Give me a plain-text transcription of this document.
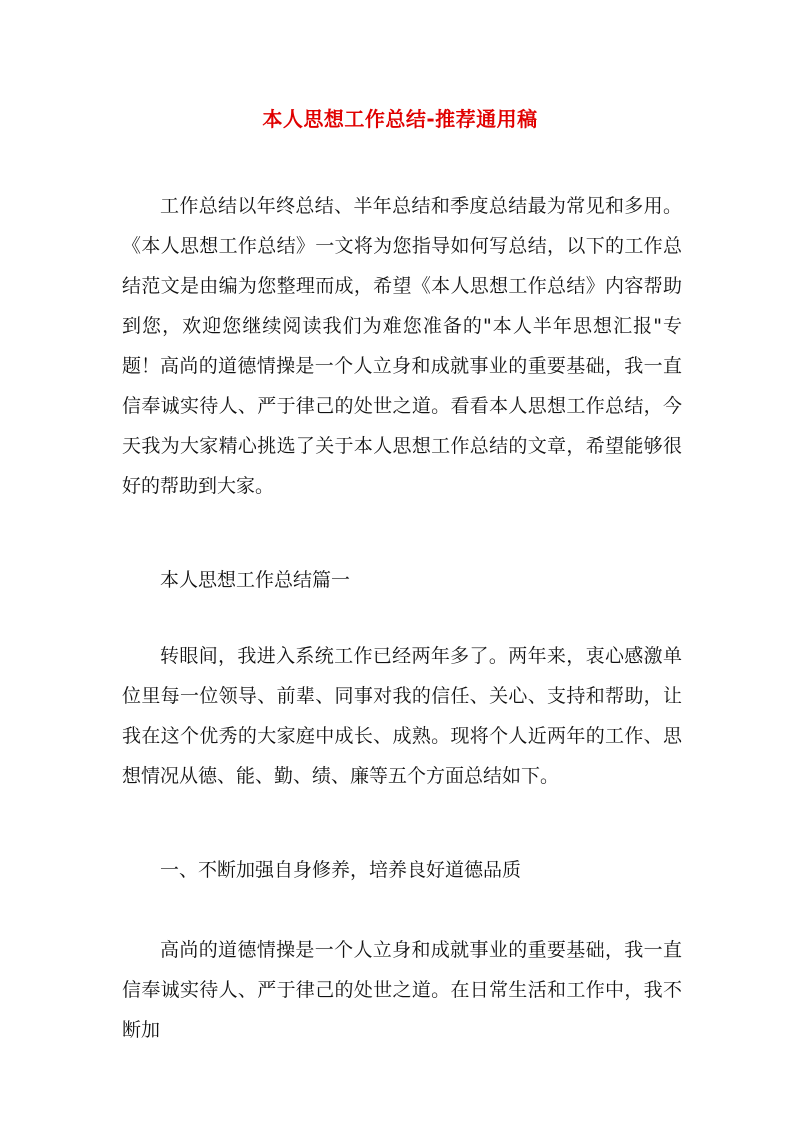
本人思想工作总结-推荐通用稿

工作总结以年终总结、半年总结和季度总结最为常见和多用。《本人思想工作总结》一文将为您指导如何写总结，以下的工作总结范文是由编为您整理而成，希望《本人思想工作总结》内容帮助到您，欢迎您继续阅读我们为难您准备的"本人半年思想汇报"专题！ 高尚的道德情操是一个人立身和成就事业的重要基础，我一直信奉诚实待人、严于律己的处世之道。看看本人思想工作总结，今天我为大家精心挑选了关于本人思想工作总结的文章，希望能够很好的帮助到大家。

本人思想工作总结篇一

转眼间，我进入系统工作已经两年多了。两年来，衷心感激单位里每一位领导、前辈、同事对我的信任、关心、支持和帮助，让我在这个优秀的大家庭中成长、成熟。现将个人近两年的工作、思想情况从德、能、勤、绩、廉等五个方面总结如下。

一、不断加强自身修养，培养良好道德品质

高尚的道德情操是一个人立身和成就事业的重要基础，我一直信奉诚实待人、严于律己的处世之道。在日常生活和工作中，我不断加
